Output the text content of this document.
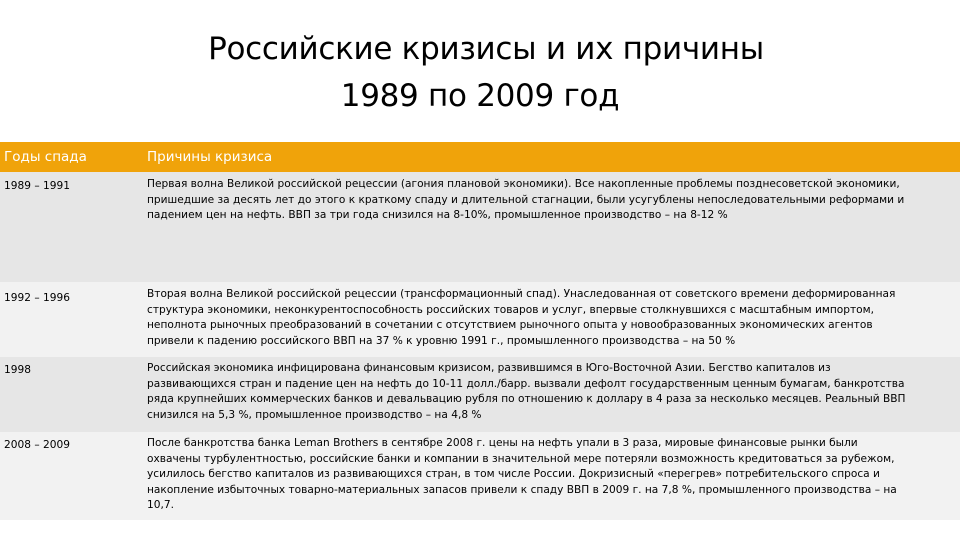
Российские кризисы и их причины
1989 по 2009 год
Годы спада	Причины кризиса
1989 – 1991	Первая волна Великой российской рецессии (агония плановой экономики). Все накопленные проблемы позднесоветской экономики,
пришедшие за десять лет до этого к краткому спаду и длительной стагнации, были усугублены непоследовательными реформами и
падением цен на нефть. ВВП за три года снизился на 8-10%, промышленное производство – на 8-12 %
1992 – 1996	Вторая волна Великой российской рецессии (трансформационный спад). Унаследованная от советского времени деформированная
структура экономики, неконкурентоспособность российских товаров и услуг, впервые столкнувшихся с масштабным импортом,
неполнота рыночных преобразований в сочетании с отсутствием рыночного опыта у новообразованных экономических агентов
привели к падению российского ВВП на 37 % к уровню 1991 г., промышленного производства – на 50 %
1998	Российская экономика инфицирована финансовым кризисом, развившимся в Юго-Восточной Азии. Бегство капиталов из
развивающихся стран и падение цен на нефть до 10-11 долл./барр. вызвали дефолт государственным ценным бумагам, банкротства
ряда крупнейших коммерческих банков и девальвацию рубля по отношению к доллару в 4 раза за несколько месяцев. Реальный ВВП
снизился на 5,3 %, промышленное производство – на 4,8 %
2008 – 2009	После банкротства банка Leman Brothers в сентябре 2008 г. цены на нефть упали в 3 раза, мировые финансовые рынки были
охвачены турбулентностью, российские банки и компании в значительной мере потеряли возможность кредитоваться за рубежом,
усилилось бегство капиталов из развивающихся стран, в том числе России. Докризисный «перегрев» потребительского спроса и
накопление избыточных товарно-материальных запасов привели к спаду ВВП в 2009 г. на 7,8 %, промышленного производства – на
10,7.
